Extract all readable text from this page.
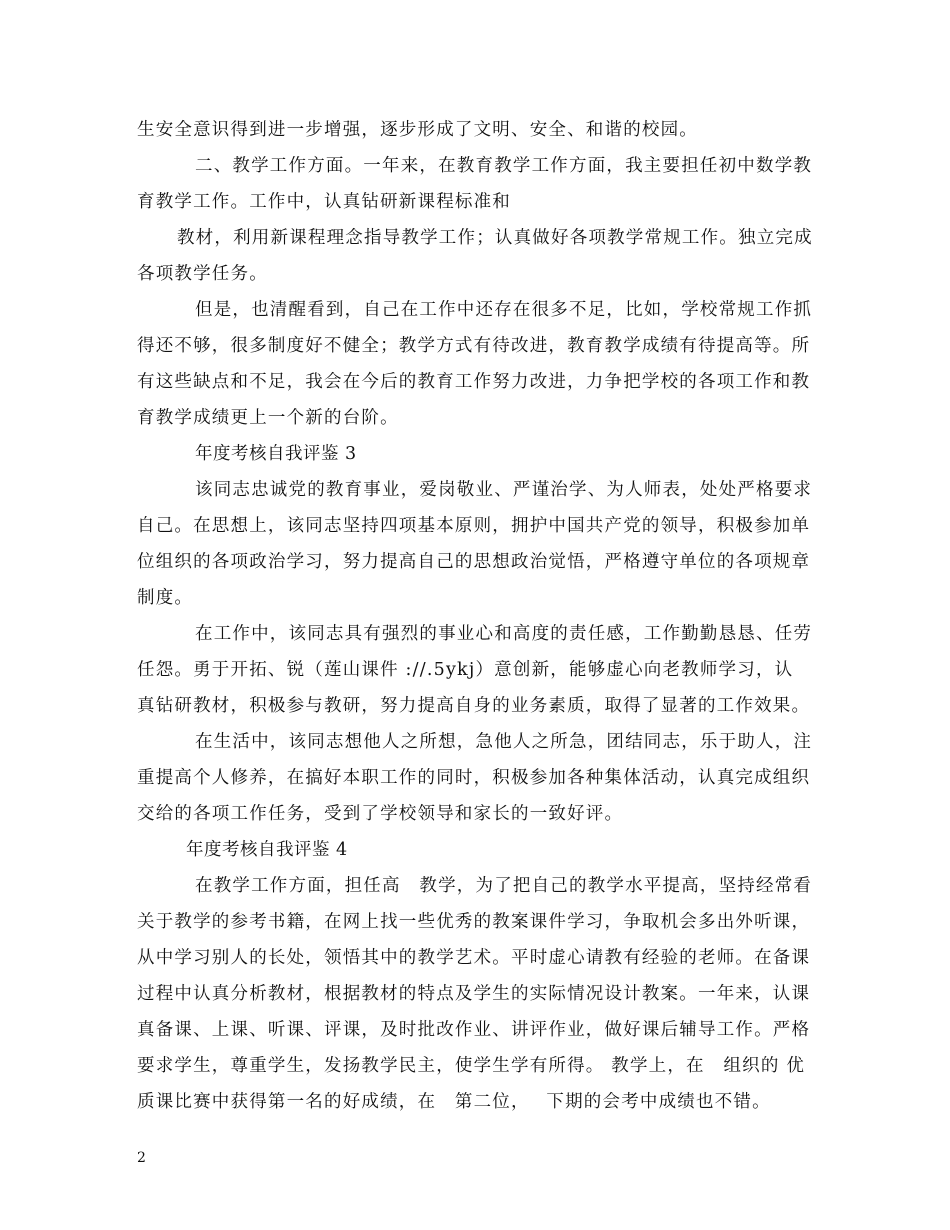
生安全意识得到进一步增强，逐步形成了文明、安全、和谐的校园。
二、教学工作方面。一年来，在教育教学工作方面，我主要担任初中数学教
育教学工作。工作中，认真钻研新课程标准和
教材，利用新课程理念指导教学工作；认真做好各项教学常规工作。独立完成
各项教学任务。
但是，也清醒看到，自己在工作中还存在很多不足，比如，学校常规工作抓
得还不够，很多制度好不健全；教学方式有待改进，教育教学成绩有待提高等。所
有这些缺点和不足，我会在今后的教育工作努力改进，力争把学校的各项工作和教
育教学成绩更上一个新的台阶。
年度考核自我评鉴 3
该同志忠诚党的教育事业，爱岗敬业、严谨治学、为人师表，处处严格要求
自己。在思想上，该同志坚持四项基本原则，拥护中国共产党的领导，积极参加单
位组织的各项政治学习，努力提高自己的思想政治觉悟，严格遵守单位的各项规章
制度。
在工作中，该同志具有强烈的事业心和高度的责任感，工作勤勤恳恳、任劳
任怨。勇于开拓、锐（莲山课件 ://.5ykj）意创新，能够虚心向老教师学习，认
真钻研教材，积极参与教研，努力提高自身的业务素质，取得了显著的工作效果。
在生活中，该同志想他人之所想，急他人之所急，团结同志，乐于助人，注
重提高个人修养，在搞好本职工作的同时，积极参加各种集体活动，认真完成组织
交给的各项工作任务，受到了学校领导和家长的一致好评。
年度考核自我评鉴 4
在教学工作方面，担任高　教学，为了把自己的教学水平提高，坚持经常看
关于教学的参考书籍，在网上找一些优秀的教案课件学习，争取机会多出外听课，
从中学习别人的长处，领悟其中的教学艺术。平时虚心请教有经验的老师。在备课
过程中认真分析教材，根据教材的特点及学生的实际情况设计教案。一年来，认课
真备课、上课、听课、评课，及时批改作业、讲评作业，做好课后辅导工作。严格
要求学生，尊重学生，发扬教学民主，使学生学有所得。 教学上，在　组织的 优
质课比赛中获得第一名的好成绩，在　第二位，　 下期的会考中成绩也不错。
2
